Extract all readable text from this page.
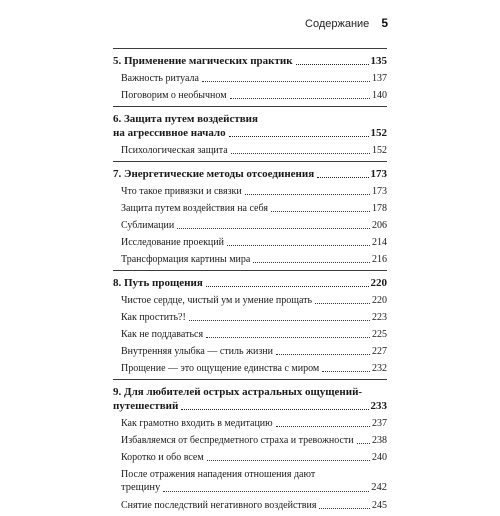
Содержание 5
5. Применение магических практик	135
Важность ритуала	137
Поговорим о необычном	140
6. Защита путем воздействия
на агрессивное начало	152
Психологическая защита	152
7. Энергетические методы отсоединения	173
Что такое привязки и связки	173
Защита путем воздействия на себя	178
Сублимации	206
Исследование проекций	214
Трансформация картины мира	216
8. Путь прощения	220
Чистое сердце, чистый ум и умение прощать	220
Как простить?!	223
Как не поддаваться	225
Внутренняя улыбка — стиль жизни	227
Прощение — это ощущение единства с миром	232
9. Для любителей острых астральных ощущений-
путешествий	233
Как грамотно входить в медитацию	237
Избавляемся от беспредметного страха и тревожности 238
Коротко и обо всем	240
После отражения нападения отношения дают
трещину	242
Снятие последствий негативного воздействия	245
